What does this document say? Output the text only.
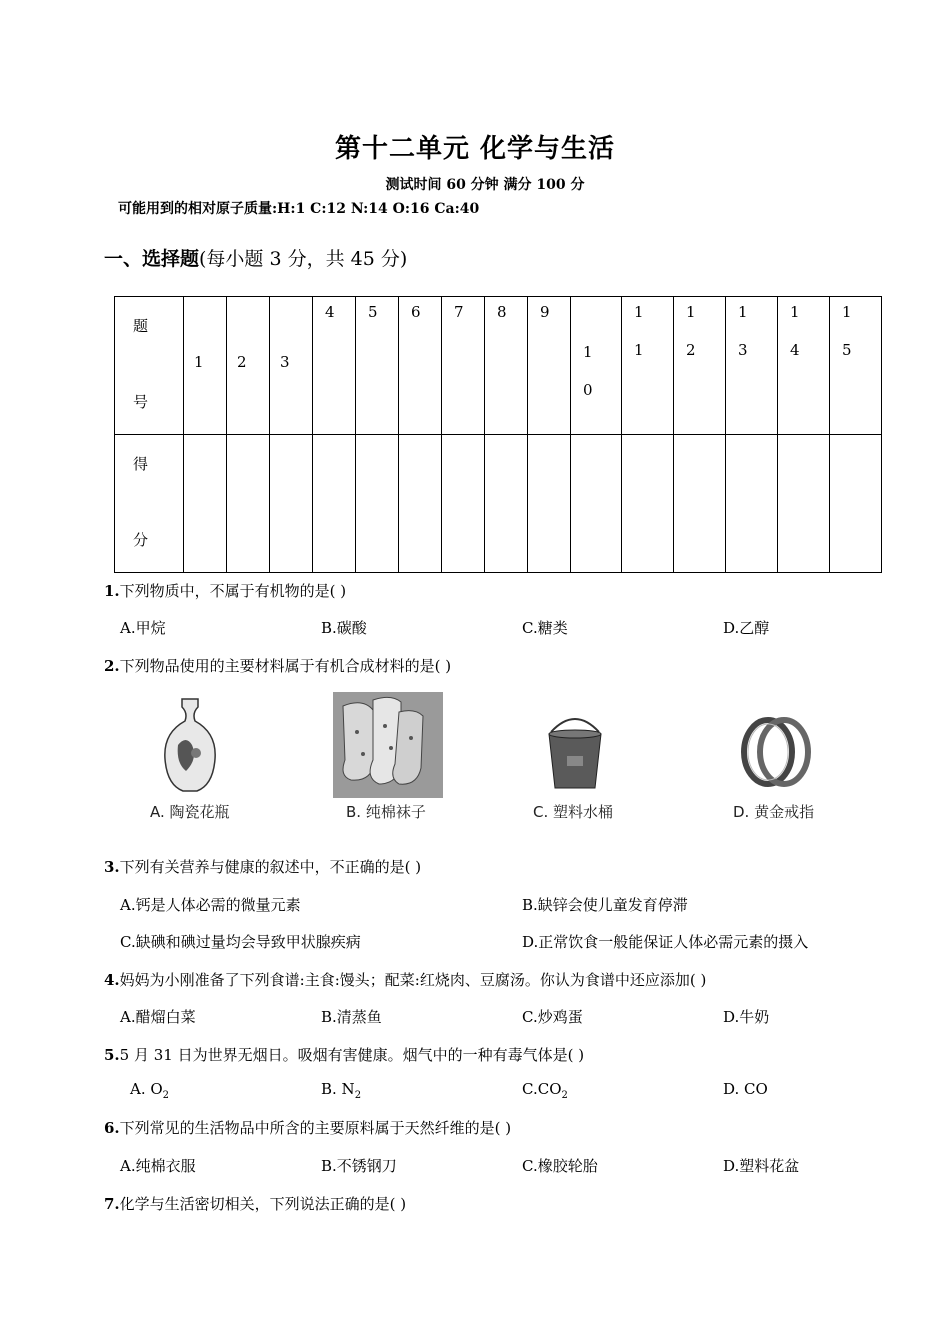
第十二单元 化学与生活
测试时间 60 分钟 满分 100 分
可能用到的相对原子质量:H:1 C:12 N:14 O:16 Ca:40
一、选择题(每小题 3 分，共 45 分)
题
号	1	2	3	4	5	6	7	8	9	1 0	1 1	1 2	1 3	1 4	1 5

得
分															

1.下列物质中，不属于有机物的是( )
A.甲烷	B.碳酸	C.糖类	D.乙醇
2.下列物品使用的主要材料属于有机合成材料的是( )
A. 陶瓷花瓶	B. 纯棉袜子	C. 塑料水桶	D. 黄金戒指
3.下列有关营养与健康的叙述中，不正确的是( )
A.钙是人体必需的微量元素	B.缺锌会使儿童发育停滞
C.缺碘和碘过量均会导致甲状腺疾病	D.正常饮食一般能保证人体必需元素的摄入
4.妈妈为小刚准备了下列食谱:主食:馒头；配菜:红烧肉、豆腐汤。你认为食谱中还应添加( )
A.醋熘白菜	B.清蒸鱼	C.炒鸡蛋	D.牛奶
5.5 月 31 日为世界无烟日。吸烟有害健康。烟气中的一种有毒气体是( )
A. $O_2$	B. $N_2$	$C.CO_2$	D. CO
6.下列常见的生活物品中所含的主要原料属于天然纤维的是( )
A.纯棉衣服	B.不锈钢刀	C.橡胶轮胎	D.塑料花盆
7.化学与生活密切相关，下列说法正确的是( )
